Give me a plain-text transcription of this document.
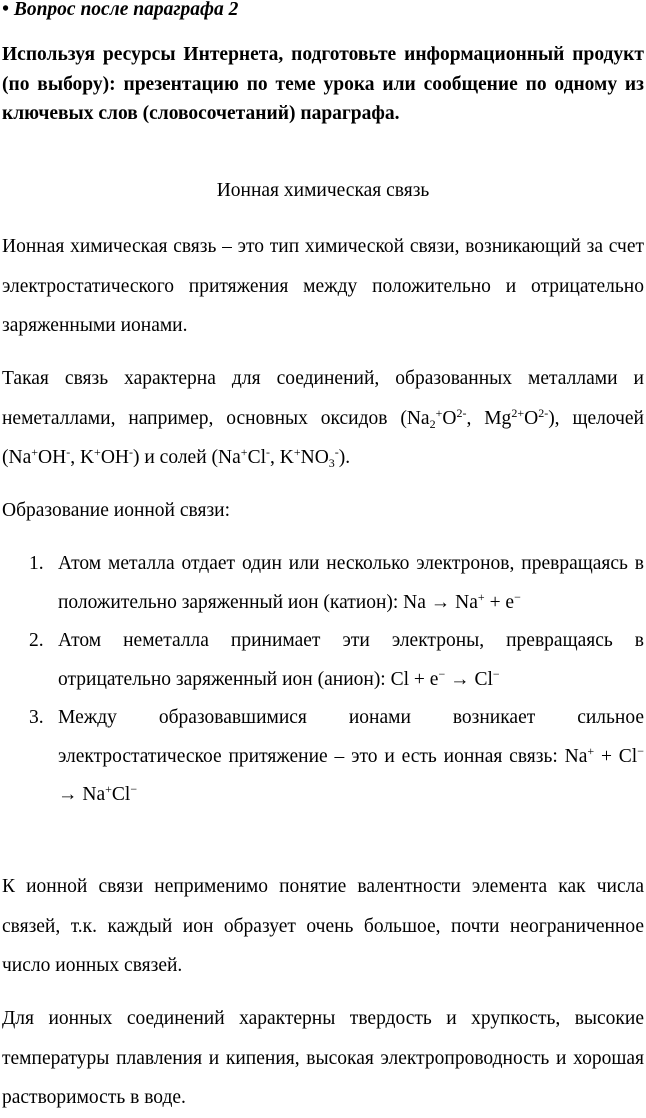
• Вопрос после параграфа 2
Используя ресурсы Интернета, подготовьте информационный продукт (по выбору): презентацию по теме урока или сообщение по одному из ключевых слов (словосочетаний) параграфа.
Ионная химическая связь

Ионная химическая связь – это тип химической связи, возникающий за счет электростатического притяжения между положительно и отрицательно заряженными ионами.

Такая связь характерна для соединений, образованных металлами и неметаллами, например, основных оксидов ($Na_2^+O^{2-}$, $Mg^{2+}O^{2-}$), щелочей (Na+OH-, K+OH-) и солей (Na+Cl-, $K^+NO_3^-$).

Образование ионной связи:

1. Атом металла отдает один или несколько электронов, превращаясь в положительно заряженный ион (катион): Na → Na+ + e−
2. Атом неметалла принимает эти электроны, превращаясь в отрицательно заряженный ион (анион): Cl + e− → Cl−
3. Между образовавшимися ионами возникает сильное электростатическое притяжение – это и есть ионная связь: Na+ + Cl− → Na+Cl−

К ионной связи неприменимо понятие валентности элемента как числа связей, т.к. каждый ион образует очень большое, почти неограниченное число ионных связей.

Для ионных соединений характерны твердость и хрупкость, высокие температуры плавления и кипения, высокая электропроводность и хорошая растворимость в воде.
